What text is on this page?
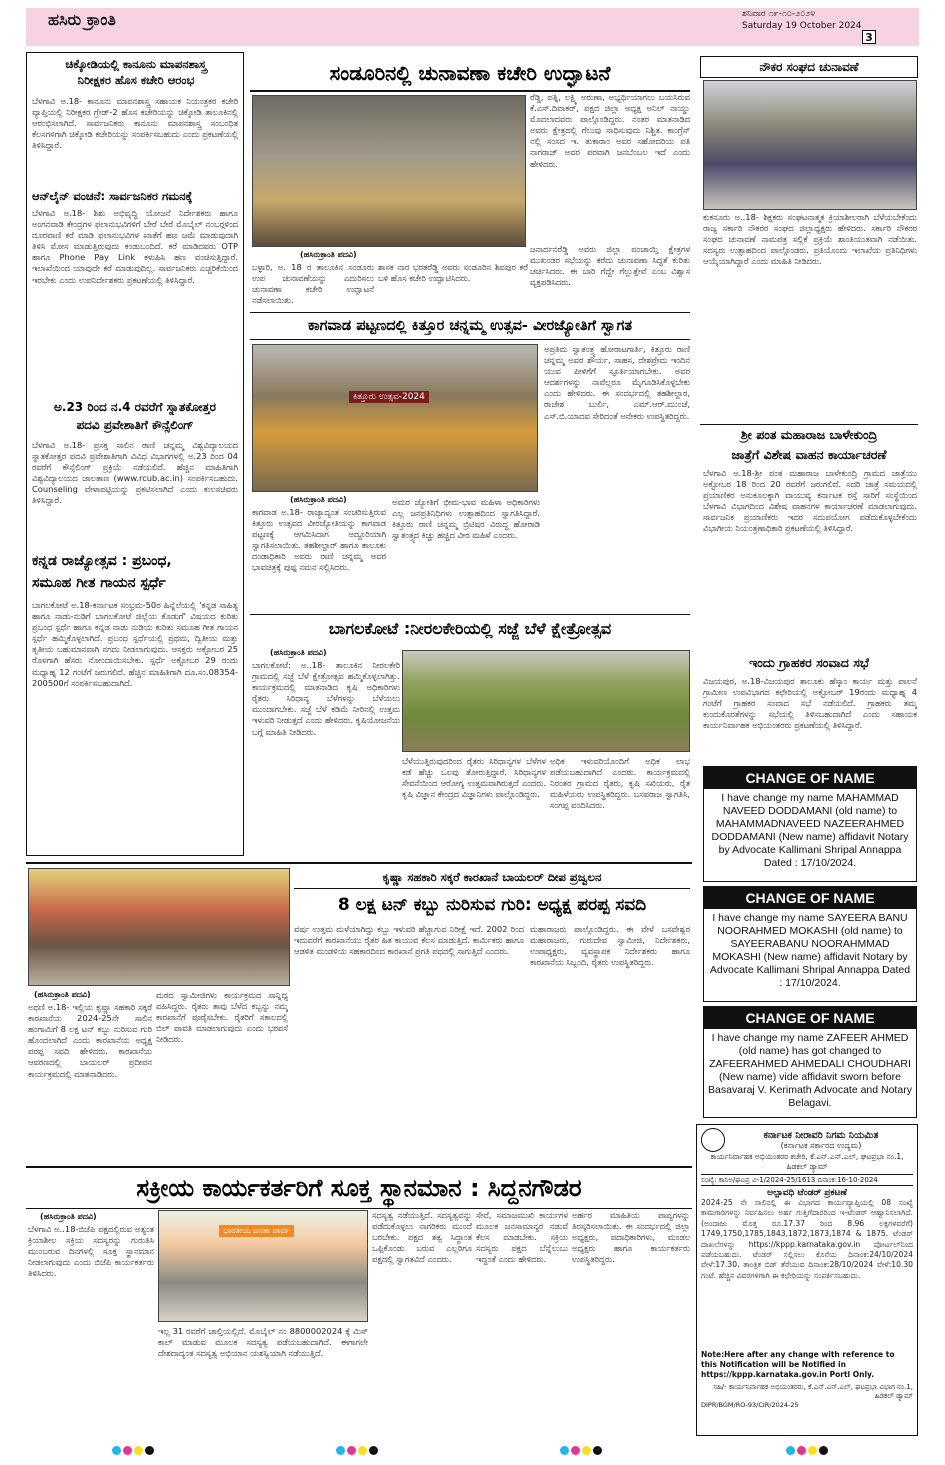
ಹಸಿರು ಕ್ರಾಂತಿ	ಶನಿವಾರ ೧೯-೧೦-೨೦೨೪
Saturday 19 October 2024
3
ಚಿಕ್ಕೋಡಿಯಲ್ಲಿ ಕಾನೂನು ಮಾಪನಶಾಸ್ತ್ರ
ನಿರೀಕ್ಷಕರ ಹೊಸ ಕಚೇರಿ ಆರಂಭ
ಬೆಳಗಾವಿ ಅ.18- ಕಾನೂನು ಮಾಪನಶಾಸ್ತ್ರ ಸಹಾಯಕ ನಿಯಂತ್ರಕರ ಕಚೇರಿ ವ್ಯಾಪ್ತಿಯಲ್ಲಿ ನಿರೀಕ್ಷಕರ ಗ್ರೇಡ್-2 ಹೊಸ ಕಚೇರಿಯನ್ನು ಚಿಕ್ಕೋಡಿ ತಾಲೂಕಿನಲ್ಲಿ ಆರಂಭಿಸಲಾಗಿದೆ. ಸಾರ್ವಜನಿಕರು ಕಾನೂನು ಮಾಪನಶಾಸ್ತ್ರ ಸಂಬಂಧಿತ ಕೆಲಸಗಳಿಗಾಗಿ ಚಿಕ್ಕೋಡಿ ಕಚೇರಿಯನ್ನು ಸಂಪರ್ಕಿಸಬಹುದು ಎಂದು ಪ್ರಕಟಣೆಯಲ್ಲಿ ತಿಳಿಸಿದ್ದಾರೆ.
ಆನ್‍ಲೈನ್ ವಂಚನೆ: ಸಾರ್ವಜನಿಕರ ಗಮನಕ್ಕೆ
ಬೆಳಗಾವಿ ಅ.18- ಶಿಶು ಅಭಿವೃದ್ಧಿ ಯೋಜನೆ ನಿರ್ದೇಶಕರು ಹಾಗೂ ಅಂಗನವಾಡಿ ಕೇಂದ್ರಗಳ ಫಲಾನುಭವಿಗಳಿಗೆ ಬೇರೆ ಬೇರೆ ಮೊಬೈಲ್ ನಂಬರ್‍ಗಳಿಂದ ದೂರವಾಣಿ ಕರೆ ಮಾಡಿ ಫಲಾನುಭವಿಗಳ ಖಾತೆಗೆ ಹಣ ಜಮೆ ಮಾಡುವುದಾಗಿ ತಿಳಿಸಿ ಮೋಸ ಮಾಡುತ್ತಿರುವುದು ಕಂಡುಬಂದಿದೆ. ಕರೆ ಮಾಡಿದವರು OTP ಹಾಗೂ Phone Pay Link ಕಳುಹಿಸಿ ಹಣ ವಂಚಿಸುತ್ತಿದ್ದಾರೆ. ಇಲಾಖೆಯಿಂದ ಯಾವುದೇ ಕರೆ ಮಾಡುವುದಿಲ್ಲ. ಸಾರ್ವಜನಿಕರು ಎಚ್ಚರಿಕೆಯಿಂದ ಇರಬೇಕು ಎಂದು ಉಪನಿರ್ದೇಶಕರು ಪ್ರಕಟಣೆಯಲ್ಲಿ ತಿಳಿಸಿದ್ದಾರೆ.
ಅ.23 ರಿಂದ ನ.4 ರವರೆಗೆ ಸ್ನಾತಕೋತ್ತರ
ಪದವಿ ಪ್ರವೇಶಾತಿಗೆ ಕೌನ್ಸೆಲಿಂಗ್
ಬೆಳಗಾವಿ ಅ.18- ಪ್ರಸಕ್ತ ಸಾಲಿನ ರಾಣಿ ಚನ್ನಮ್ಮ ವಿಶ್ವವಿದ್ಯಾಲಯದ ಸ್ನಾತಕೋತ್ತರ ಪದವಿ ಪ್ರವೇಶಾತಿಗಾಗಿ ವಿವಿಧ ವಿಭಾಗಗಳಲ್ಲಿ ಅ.23 ರಿಂದ 04 ರವರೆಗೆ ಕೌನ್ಸೆಲಿಂಗ್ ಪ್ರಕ್ರಿಯೆ ನಡೆಯಲಿದೆ. ಹೆಚ್ಚಿನ ಮಾಹಿತಿಗಾಗಿ ವಿಶ್ವವಿದ್ಯಾಲಯದ ಜಾಲತಾಣ (www.rcub.ac.in) ಸಂಪರ್ಕಿಸಬಹುದು. Counseling ವೇಳಾಪಟ್ಟಿಯನ್ನು ಪ್ರಕಟಿಸಲಾಗಿದೆ ಎಂದು ಕುಲಸಚಿವರು ತಿಳಿಸಿದ್ದಾರೆ.
ಕನ್ನಡ ರಾಜ್ಯೋತ್ಸವ : ಪ್ರಬಂಧ,
ಸಮೂಹ ಗೀತ ಗಾಯನ ಸ್ಪರ್ಧೆ
ಬಾಗಲಕೋಟೆ ಅ.18-ಕರ್ನಾಟಕ ಸಂಭ್ರಮ-50ರ ಹಿನ್ನೆಲೆಯಲ್ಲಿ 'ಕನ್ನಡ ಸಾಹಿತ್ಯ ಹಾಗೂ ನಾಡು-ನುಡಿಗೆ ಬಾಗಲಕೋಟೆ ಜಿಲ್ಲೆಯ ಕೊಡುಗೆ' ವಿಷಯದ ಕುರಿತು ಪ್ರಬಂಧ ಸ್ಪರ್ಧೆ ಹಾಗೂ ಕನ್ನಡ ನಾಡು ನುಡಿಯ ಕುರಿತು ಸಮೂಹ ಗೀತ ಗಾಯನ ಸ್ಪರ್ಧೆ ಹಮ್ಮಿಕೊಳ್ಳಲಾಗಿದೆ. ಪ್ರಬಂಧ ಸ್ಪರ್ಧೆಯಲ್ಲಿ ಪ್ರಥಮ, ದ್ವಿತೀಯ ಮತ್ತು ತೃತೀಯ ಬಹುಮಾನವಾಗಿ ನಗದು ನೀಡಲಾಗುವುದು. ಆಸಕ್ತರು ಅಕ್ಟೋಬರ 25 ರೊಳಗಾಗಿ ಹೆಸರು ನೋಂದಾಯಿಸಬೇಕು. ಸ್ಪರ್ಧೆ ಅಕ್ಟೋಬರ 29 ರಂದು ಮಧ್ಯಾಹ್ನ 12 ಗಂಟೆಗೆ ಜರುಗಲಿದೆ. ಹೆಚ್ಚಿನ ಮಾಹಿತಿಗಾಗಿ ದೂ.ಸಂ.08354-200500ಗೆ ಸಂಪರ್ಕಿಸಬಹುದಾಗಿದೆ.
ಸಂಡೂರಿನಲ್ಲಿ ಚುನಾವಣಾ ಕಚೇರಿ ಉದ್ಘಾಟನೆ
(ಹಸಿರುಕ್ರಾಂತಿ ಪದವಿ)
ಬಳ್ಳಾರಿ, ಅ. 18 ರ ತಾಲೂಕಿನ ಸಂಡೂರು ಉಪ ಚುನಾವಣೆಯನ್ನು ಎದುರಿಸಲು ಚುನಾವಣಾ ಕಚೇರಿ ಉದ್ಘಾಟನೆ ನಡೆಸಲಾಯಿತು.
ಶಾಸಕ ನಾರ ಭರತರೆಡ್ಡಿ ಅವರು ಸಂಡೂರಿನ ಶಿವಪುರ ಕರೆ ಬಳಿ ಹೊಸ ಕಚೇರಿ ಉದ್ಘಾಟಿಸಿದರು.
ರೆಡ್ಡಿ, ಪತ್ನಿ, ಲಕ್ಷ್ಮಿ ಅರುಣಾ, ಅಭ್ಯರ್ಥಿಯಾಗಲು ಬಯಸಿರುವ ಕೆ.ಎಸ್.ದಿವಾಕರ್, ಪಕ್ಷದ ಜಿಲ್ಲಾ ಅಧ್ಯಕ್ಷ ಅನಿಲ್ ನಾಯ್ಡು ಮೊದಲಾದವರು ಪಾಲ್ಗೊಂಡಿದ್ದರು. ನಂತರ ಮಾತನಾಡಿದ ಅವರು ಕ್ಷೇತ್ರದಲ್ಲಿ ಗೆಲುವು ಸಾಧಿಸುವುದು ನಿಶ್ಚಿತ. ಕಾಂಗ್ರೆಸ್ ನಲ್ಲಿ ಸಂಸದ ಇ. ತುಕಾರಾಂ ಅವರ ಸಹೋದರಿಯ ಪತಿ ನಾಗರಾಜ್ ಅವರ ಪರವಾಗಿ ಜನಬೆಂಬಲ ಇದೆ ಎಂದು ಹೇಳಿದರು.
ಜನಾರ್ದನರೆಡ್ಡಿ ಅವರು ಜಿಲ್ಲಾ ಪಂಚಾಯ್ತಿ ಕ್ಷೇತ್ರಗಳ ಮುಖಂಡರ ಸಭೆಯನ್ನು ಕರೆದು ಚುನಾವಣಾ ಸಿದ್ಧತೆ ಕುರಿತು ಚರ್ಚಿಸಿದರು. ಈ ಬಾರಿ ಗೆದ್ದೇ ಗೆಲ್ಲುತ್ತೇವೆ ಎಂಬ ವಿಶ್ವಾಸ ವ್ಯಕ್ತಪಡಿಸಿದರು.
ಕಾಗವಾಡ ಪಟ್ಟಣದಲ್ಲಿ ಕಿತ್ತೂರ ಚನ್ನಮ್ಮ ಉತ್ಸವ- ವೀರಜ್ಯೋತಿಗೆ ಸ್ವಾಗತ
ಕಿತ್ತೂರು ಉತ್ಸವ-2024
(ಹಸಿರುಕ್ರಾಂತಿ ಪದವಿ)
ಕಾಗವಾಡ ಅ.18- ರಾಜ್ಯಾದ್ಯಂತ ಸಂಚರಿಸುತ್ತಿರುವ ಕಿತ್ತೂರು ಉತ್ಸವದ ವೀರಜ್ಯೋತಿಯನ್ನು ಕಾಗವಾಡ ಪಟ್ಟಣಕ್ಕೆ ಆಗಮಿಸಿದಾಗ ಅದ್ದೂರಿಯಾಗಿ ಸ್ವಾಗತಿಸಲಾಯಿತು. ತಹಶೀಲ್ದಾರ್ ಹಾಗೂ ತಾಲೂಕು ದಂಡಾಧಿಕಾರಿ ಅವರು ರಾಣಿ ಚನ್ನಮ್ಮ ಅವರ ಭಾವಚಿತ್ರಕ್ಕೆ ಪುಷ್ಪ ನಮನ ಸಲ್ಲಿಸಿದರು.
ಅಮರ ಜ್ಯೋತಿಗೆ ಭೀಮ-ಭಾವ ಮಹಿಳಾ ಅಧಿಕಾರಿಗಳು ಎಲ್ಲ ಜನಪ್ರತಿನಿಧಿಗಳು ಉತ್ಸಾಹದಿಂದ ಸ್ವಾಗತಿಸಿದ್ದಾರೆ. ಕಿತ್ತೂರು ರಾಣಿ ಚನ್ನಮ್ಮ ಬ್ರಿಟಿಷರ ವಿರುದ್ಧ ಹೋರಾಡಿ ಸ್ವಾತಂತ್ರ್ಯದ ಕಿಚ್ಚು ಹಚ್ಚಿದ ವೀರ ಮಹಿಳೆ ಎಂದರು.
ಅಪ್ರತಿಮ ಸ್ವಾತಂತ್ರ್ಯ ಹೋರಾಟಗಾರ್ತಿ, ಕಿತ್ತೂರು ರಾಣಿ ಚನ್ನಮ್ಮ ಅವರ ಶೌರ್ಯ, ಸಾಹಸ, ದೇಶಪ್ರೇಮ ಇಂದಿನ ಯುವ ಪೀಳಿಗೆಗೆ ಸ್ಫೂರ್ತಿಯಾಗಬೇಕು. ಅವರ ಆದರ್ಶಗಳನ್ನು ನಾವೆಲ್ಲರೂ ಮೈಗೂಡಿಸಿಕೊಳ್ಳಬೇಕು ಎಂದು ಹೇಳಿದರು. ಈ ಸಂದರ್ಭದಲ್ಲಿ ತಹಶೀಲ್ದಾರ, ರಾಜೇಶ ಬುರ್ಲಿ, ಎಮ್.ಆರ್.ಮುಂಜೆ, ಎಸ್.ಬಿ.ಯಾದವ ಸೇರಿದಂತೆ ಅನೇಕರು ಉಪಸ್ಥಿತರಿದ್ದರು.
ಬಾಗಲಕೋಟೆ :ನೀರಲಕೇರಿಯಲ್ಲಿ ಸಜ್ಜೆ ಬೆಳೆ ಕ್ಷೇತ್ರೋತ್ಸವ
(ಹಸಿರುಕ್ರಾಂತಿ ಪದವಿ)
ಬಾಗಲಕೋಟೆ: ಅ..18- ತಾಲೂಕಿನ ನೀರಲಕೇರಿ ಗ್ರಾಮದಲ್ಲಿ ಸಜ್ಜೆ ಬೆಳೆ ಕ್ಷೇತ್ರೋತ್ಸವ ಹಮ್ಮಿಕೊಳ್ಳಲಾಗಿತ್ತು. ಕಾರ್ಯಕ್ರಮದಲ್ಲಿ ಮಾತನಾಡಿದ ಕೃಷಿ ಅಧಿಕಾರಿಗಳು ರೈತರು ಸಿರಿಧಾನ್ಯ ಬೆಳೆಗಳನ್ನು ಬೆಳೆಯಲು ಮುಂದಾಗಬೇಕು. ಸಜ್ಜೆ ಬೆಳೆ ಕಡಿಮೆ ನೀರಿನಲ್ಲಿ ಉತ್ತಮ ಇಳುವರಿ ನೀಡುತ್ತದೆ ಎಂದು ಹೇಳಿದರು. ಕೃಷಿಯೋಜನೆಯ ಬಗ್ಗೆ ಮಾಹಿತಿ ನೀಡಿದರು.
ಬೆಳೆಯುತ್ತಿರುವುದರಿಂದ ರೈತರು ಸಿರಿಧಾನ್ಯಗಳ ಬೆಳೆಗಳ ಕಡೆ ಹೆಚ್ಚು ಒಲವು ತೋರುತ್ತಿದ್ದಾರೆ. ಸಿರಿಧಾನ್ಯಗಳ ಸೇವನೆಯಿಂದ ಆರೋಗ್ಯ ಉತ್ತಮವಾಗಿರುತ್ತದೆ ಎಂದರು. ಕೃಷಿ ವಿಜ್ಞಾನ ಕೇಂದ್ರದ ವಿಜ್ಞಾನಿಗಳು ಪಾಲ್ಗೊಂಡಿದ್ದರು.
ಅಧಿಕ ಇಳುವರಿಯೊಂದಿಗೆ ಅಧಿಕ ಲಾಭ ಪಡೆಯಬಹುದಾಗಿದೆ ಎಂದರು. ಕಾರ್ಯಕ್ರಮದಲ್ಲಿ ನಿರಂತರ ಗ್ರಾಮದ ರೈತರು, ಕೃಷಿ ಸಖಿಯರು, ರೈತ ಮಹಿಳೆಯರು ಉಪಸ್ಥಿತರಿದ್ದರು. ಬಸವರಾಜ ಸ್ವಾಗತಿಸಿ, ಸಂಗಪ್ಪ ವಂದಿಸಿದರು.
ನೌಕರ ಸಂಘದ ಚುನಾವಣೆ
ಕುಕನೂರು ಅ..18- ಶಿಕ್ಷಕರು ಸಂಘಟನಾತ್ಮಕ ಕ್ರಿಯಾಶೀಲರಾಗಿ ಬೆಳೆಯಬೇಕೆಂದು ರಾಜ್ಯ ಸರ್ಕಾರಿ ನೌಕರರ ಸಂಘದ ಜಿಲ್ಲಾಧ್ಯಕ್ಷರು ಹೇಳಿದರು. ಸರ್ಕಾರಿ ನೌಕರರ ಸಂಘದ ಚುನಾವಣೆ ನಾಮಪತ್ರ ಸಲ್ಲಿಕೆ ಪ್ರಕ್ರಿಯೆ ಶಾಂತಿಯುತವಾಗಿ ನಡೆಯಿತು. ಸದಸ್ಯರು ಉತ್ಸಾಹದಿಂದ ಪಾಲ್ಗೊಂಡರು. ಪ್ರತಿಯೊಂದು ಇಲಾಖೆಯ ಪ್ರತಿನಿಧಿಗಳು ಆಯ್ಕೆಯಾಗಿದ್ದಾರೆ ಎಂದು ಮಾಹಿತಿ ನೀಡಿದರು.
ಶ್ರೀ ಪಂತ ಮಹಾರಾಜ ಬಾಳೇಕುಂದ್ರಿ
ಜಾತ್ರೆಗೆ ವಿಶೇಷ ವಾಹನ ಕಾರ್ಯಾಚರಣೆ
ಬೆಳಗಾವಿ ಅ.18-ಶ್ರೀ ಪಂತ ಮಹಾರಾಜ ಬಾಳೇಕುಂದ್ರಿ ಗ್ರಾಮದ ಜಾತ್ರೆಯು ಅಕ್ಟೋಬರ 18 ರಿಂದ 20 ರವರೆಗೆ ಜರುಗಲಿದೆ. ಸದರಿ ಜಾತ್ರೆ ಸಮಯದಲ್ಲಿ ಪ್ರಯಾಣಿಕರ ಅನುಕೂಲಕ್ಕಾಗಿ ವಾಯುವ್ಯ ಕರ್ನಾಟಕ ರಸ್ತೆ ಸಾರಿಗೆ ಸಂಸ್ಥೆಯಿಂದ ಬೆಳಗಾವಿ ವಿಭಾಗದಿಂದ ವಿಶೇಷ ವಾಹನಗಳ ಕಾರ್ಯಾಚರಣೆ ಮಾಡಲಾಗುವುದು. ಸಾರ್ವಜನಿಕ ಪ್ರಯಾಣಿಕರು ಇದರ ಸದುಪಯೋಗ ಪಡೆದುಕೊಳ್ಳಬೇಕೆಂದು ವಿಭಾಗೀಯ ನಿಯಂತ್ರಣಾಧಿಕಾರಿ ಪ್ರಕಟಣೆಯಲ್ಲಿ ತಿಳಿಸಿದ್ದಾರೆ.
ಇಂದು ಗ್ರಾಹಕರ ಸಂವಾದ ಸಭೆ
ವಿಜಯಪುರ, ಅ.18-ವಿಜಯಪುರ ತಾಲೂಕು ಹೆಸ್ಕಾಂ ಕಾರ್ಯ ಮತ್ತು ಪಾಲನೆ ಗ್ರಾಮೀಣ ಉಪವಿಭಾಗದ ಕಛೇರಿಯಲ್ಲಿ ಅಕ್ಟೋಬರ್ 19ರಂದು ಮಧ್ಯಾಹ್ನ 4 ಗಂಟೆಗೆ ಗ್ರಾಹಕರ ಸಂವಾದ ಸಭೆ ನಡೆಯಲಿದೆ. ಗ್ರಾಹಕರು ತಮ್ಮ ಕುಂದುಕೊರತೆಗಳನ್ನು ಸಭೆಯಲ್ಲಿ ತಿಳಿಸಬಹುದಾಗಿದೆ ಎಂದು ಸಹಾಯಕ ಕಾರ್ಯನಿರ್ವಾಹಕ ಅಭಿಯಂತರರು ಪ್ರಕಟಣೆಯಲ್ಲಿ ತಿಳಿಸಿದ್ದಾರೆ.
CHANGE OF NAME
I have change my name MAHAMMAD NAVEED DODDAMANI (old name) to MAHAMMADNAVEED NAZEERAHMED DODDAMANI (New name) affidavit Notary by Advocate Kallimani Shripal Annappa Dated : 17/10/2024.
CHANGE OF NAME
I have change my name SAYEERA BANU NOORAHMED MOKASHI (old name) to SAYEERABANU NOORAHMMAD MOKASHI (New name) affidavit Notary by Advocate Kallimani Shripal Annappa Dated : 17/10/2024.
CHANGE OF NAME
I have change my name ZAFEER AHMED (old name) has got changed to ZAFEERAHMED AHMEDALI CHOUDHARI (New name) vide affidavit sworn before Basavaraj V. Kerimath Advocate and Notary Belagavi.
ಕರ್ನಾಟಕ ನೀರಾವರಿ ನಿಗಮ ನಿಯಮಿತ
(ಕರ್ನಾಟಕ ಸರ್ಕಾರದ ಉದ್ಯಮ)
ಕಾರ್ಯನಿರ್ವಾಹಕ ಅಭಿಯಂತರರ ಕಚೇರಿ, ಕೆ.ಎನ್.ಎನ್.ಎಲ್, ಘಟಪ್ರಭಾ ನಂ.1, ಹಿಡಕಲ್ ಡ್ಯಾಮ್
ಸಂಖ್ಯೆ: ಕಾನಿಅ/ಘಟಪ್ರ ವಿ-1/2024-25/1613 ದಿನಾಂಕ:16-10-2024
ಅಲ್ಪಾವಧಿ ಟೆಂಡರ್ ಪ್ರಕಟಣೆ
2024-25 ನೇ ಸಾಲಿನಲ್ಲಿ ಈ ವಿಭಾಗದ ಕಾರ್ಯವ್ಯಾಪ್ತಿಯಲ್ಲಿ 08 ಸಂಖ್ಯೆ ಕಾಮಗಾರಿಗಳನ್ನು ನಿರ್ವಹಿಸಲು ಅರ್ಹ ಗುತ್ತಿಗೆದಾರರಿಂದ ಇ-ಟೆಂಡರ್ ಆಹ್ವಾನಿಸಲಾಗಿದೆ. (ಅಂದಾಜು ಮೊತ್ತ ರೂ.17.37 ರಿಂದ 8.96 ಲಕ್ಷಗಳವರೆಗೆ) 1749,1750,1785,1843,1872,1873,1874 & 1875. ಟೆಂಡರ್ ದಾಖಲೆಗಳನ್ನು https://kppp.karnataka.gov.in ಪೋರ್ಟಲ್‍ನಿಂದ ಪಡೆಯಬಹುದು. ಟೆಂಡರ್ ಸಲ್ಲಿಸಲು ಕೊನೆಯ ದಿನಾಂಕ:24/10/2024 ವೇಳೆ:17.30. ತಾಂತ್ರಿಕ ಬಿಡ್ ತೆರೆಯುವ ದಿನಾಂಕ:28/10/2024 ವೇಳೆ:10.30 ಗಂಟೆ. ಹೆಚ್ಚಿನ ವಿವರಗಳಿಗಾಗಿ ಈ ಕಛೇರಿಯನ್ನು ಸಂಪರ್ಕಿಸಬಹುದು.
Note:Here after any change with reference to this Notification will be Notified in https://kppp.karnataka.gov.in Portl Only.
ಸಹಿ/- ಕಾರ್ಯನಿರ್ವಾಹಕ ಅಭಿಯಂತರರು, ಕೆ.ಎನ್.ಎನ್.ಎಲ್, ಘಟಪ್ರಭಾ ವಿಭಾಗ ನಂ.1, ಹಿಡಕಲ್ ಡ್ಯಾಮ್
DIPR/BGM/RO-93/CIR/2024-25
ಕೃಷ್ಣಾ ಸಹಕಾರಿ ಸಕ್ಕರೆ ಕಾರಖಾನೆ ಬಾಯಲರ್ ದೀಪ ಪ್ರಜ್ವಲನ
8 ಲಕ್ಷ ಟನ್ ಕಬ್ಬು ನುರಿಸುವ ಗುರಿ: ಅಧ್ಯಕ್ಷ ಪರಪ್ಪ ಸವದಿ
(ಹಸಿರುಕ್ರಾಂತಿ ಪದವಿ)
ಅಥಣಿ ಅ.18- ಇಲ್ಲಿಯ ಕೃಷ್ಣಾ ಸಹಕಾರಿ ಸಕ್ಕರೆ ಕಾರಖಾನೆಯ 2024-25ನೇ ಸಾಲಿನ ಹಂಗಾಮಿಗೆ 8 ಲಕ್ಷ ಟನ್ ಕಬ್ಬು ನುರಿಸುವ ಗುರಿ ಹೊಂದಲಾಗಿದೆ ಎಂದು ಕಾರಖಾನೆಯ ಅಧ್ಯಕ್ಷ ಪರಪ್ಪ ಸವದಿ ಹೇಳಿದರು. ಕಾರಖಾನೆಯ ಆವರಣದಲ್ಲಿ ಬಾಯಲರ್ ಪ್ರದೀಪನ ಕಾರ್ಯಕ್ರಮದಲ್ಲಿ ಮಾತನಾಡಿದರು.
ಮಠದ ಸ್ವಾಮೀಜಿಗಳು ಕಾರ್ಯಕ್ರಮದ ಸಾನ್ನಿಧ್ಯ ವಹಿಸಿದ್ದರು. ರೈತರು ತಾವು ಬೆಳೆದ ಕಬ್ಬನ್ನು ನಮ್ಮ ಕಾರಖಾನೆಗೆ ಪೂರೈಸಬೇಕು. ರೈತರಿಗೆ ಸಕಾಲದಲ್ಲಿ ಬಿಲ್ ಪಾವತಿ ಮಾಡಲಾಗುವುದು ಎಂದು ಭರವಸೆ ನೀಡಿದರು.
ವರ್ಷ ಉತ್ತಮ ಮಳೆಯಾಗಿದ್ದು ಕಬ್ಬು ಇಳುವರಿ ಹೆಚ್ಚಾಗುವ ನಿರೀಕ್ಷೆ ಇದೆ. 2002 ರಿಂದ ಇದುವರೆಗೆ ಕಾರಖಾನೆಯು ರೈತರ ಹಿತ ಕಾಯುವ ಕೆಲಸ ಮಾಡುತ್ತಿದೆ. ಕಾರ್ಮಿಕರು ಹಾಗೂ ಆಡಳಿತ ಮಂಡಳಿಯ ಸಹಕಾರದಿಂದ ಕಾರಖಾನೆ ಪ್ರಗತಿ ಪಥದಲ್ಲಿ ಸಾಗುತ್ತಿದೆ ಎಂದರು.
ಮಹಾರಾಜರು ಪಾಲ್ಗೊಂಡಿದ್ದರು. ಈ ವೇಳೆ ಬಸವೇಶ್ವರ ಮಹಾರಾಜರು, ಗುರುದೇವ ಸ್ವಾಮೀಜಿ, ನಿರ್ದೇಶಕರು, ಉಪಾಧ್ಯಕ್ಷರು, ವ್ಯವಸ್ಥಾಪಕ ನಿರ್ದೇಶಕರು ಹಾಗೂ ಕಾರಖಾನೆಯ ಸಿಬ್ಬಂದಿ, ರೈತರು ಉಪಸ್ಥಿತರಿದ್ದರು.
ಸಕ್ರೀಯ ಕಾರ್ಯಕರ್ತರಿಗೆ ಸೂಕ್ತ ಸ್ಥಾನಮಾನ : ಸಿದ್ದನಗೌಡರ
(ಹಸಿರುಕ್ರಾಂತಿ ಪದವಿ)
ಬೆಳಗಾವಿ ಅ..18-ಬಿಜೆಪಿ ಪಕ್ಷದಲ್ಲಿರುವ ಅತ್ಯಂತ ಕ್ರಿಯಾಶೀಲ ಸಕ್ರಿಯ ಸದಸ್ಯರನ್ನು ಗುರುತಿಸಿ ಮುಂಬರುವ ದಿನಗಳಲ್ಲಿ ಸೂಕ್ತ ಸ್ಥಾನಮಾನ ನೀಡಲಾಗುವುದು ಎಂದು ಬಿಜೆಪಿ ಕಾರ್ಯಕರ್ತರು ತಿಳಿಸಿದರು.
ಭಾರತೀಯ ಜನತಾ ಪಾರ್ಟಿ
ಇಲ್ಲ 31 ರವರೆಗೆ ಚಾಲ್ತಿಯಲ್ಲಿದೆ. ಮೊಬೈಲ್ ನಂ 8800002024 ಕ್ಕೆ ಮಿಸ್ ಕಾಲ್ ಮಾಡುವ ಮೂಲಕ ಸದಸ್ಯತ್ವ ಪಡೆಯಬಹುದಾಗಿದೆ. ಈಗಾಗಲೇ ದೇಶದಾದ್ಯಂತ ಸದಸ್ಯತ್ವ ಅಭಿಯಾನ ಯಶಸ್ವಿಯಾಗಿ ನಡೆಯುತ್ತಿದೆ.
ಸದಸ್ಯತ್ವ ನಡೆಯುತ್ತಿದೆ. ಸದಸ್ಯತ್ವವನ್ನು ಪಡೆದುಕೊಳ್ಳಲು ನಾಗರಿಕರು ಮುಂದೆ ಬರಬೇಕು. ಪಕ್ಷದ ತತ್ವ ಸಿದ್ಧಾಂತ ಒಪ್ಪಿಕೊಂಡು ಬರುವ ಎಲ್ಲರಿಗೂ ಪಕ್ಷದಲ್ಲಿ ಸ್ವಾಗತವಿದೆ ಎಂದರು.
ಸೇವೆ, ಸಮಾಜಮುಖಿ ಕಾರ್ಯಗಳ ಮೂಲಕ ಜನಸಾಮಾನ್ಯರ ನಡುವೆ ಕೆಲಸ ಮಾಡಬೇಕು. ಸಕ್ರಿಯ ಸದಸ್ಯರು ಪಕ್ಷದ ಬೆನ್ನೆಲುಬು ಇದ್ದಂತೆ ಎಂದು ಹೇಳಿದರು.
ಅರ್ಹರ ಮಾಹಿತಿಯ ಪಾಪ್ಯಗಳನ್ನು ತಿರಸ್ಕರಿಸಲಾಯಿತು. ಈ ಸಂದರ್ಭದಲ್ಲಿ ಜಿಲ್ಲಾ ಅಧ್ಯಕ್ಷರು, ಪದಾಧಿಕಾರಿಗಳು, ಮಂಡಲ ಅಧ್ಯಕ್ಷರು ಹಾಗೂ ಕಾರ್ಯಕರ್ತರು ಉಪಸ್ಥಿತರಿದ್ದರು.
